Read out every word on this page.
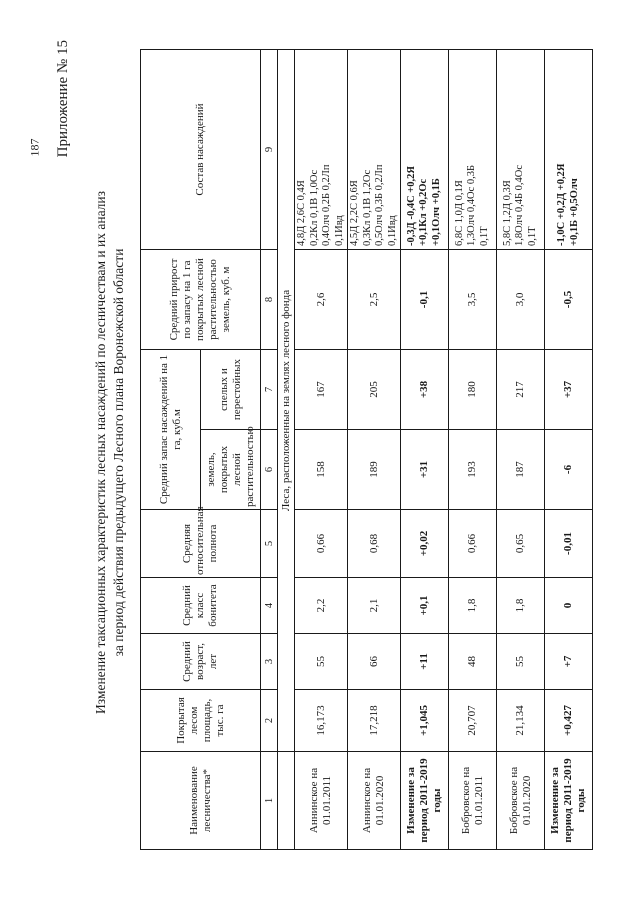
187 Приложение № 15
Изменение таксационных характеристик лесных насаждений по лесничествам и их анализ за период действия предыдущего Лесного плана Воронежской области
Наименование лесничества*	Покрытая лесом площадь, тыс. га	Средний возраст, лет	Средний класс бонитета	Средняя относительная полнота	Средний запас насаждений на 1 га, куб.м		Средний прирост по запасу на 1 га покрытых лесной растительностью земель, куб. м	Состав насаждений
					земель, покрытых лесной растительностью	спелых и перестойных		
1	2	3	4	5	6	7	8	9
	Леса, расположенные на землях лесного фонда							
Аннинское на 01.01.2011	16,173	55	2,2	0,66	158	167	2,6	4,8Д 2,6С 0,4Я 0,2Кл 0,1В 1,0Ос 0,4Олч 0,2Б 0,2Лп 0,1Ивд

Аннинское на 01.01.2020	17,218	66	2,1	0,68	189	205	2,5	4,5Д 2,2С 0,6Я 0,3Кл 0,1В 1,2Ос 0,5Олч 0,3Б 0,2Лп 0,1Ивд

Изменение за период 2011-2019 годы	+1,045	+11	+0,1	+0,02	+31	+38	-0,1	-0,3Д -0,4С +0,2Я +0,1Кл +0,2Ос +0,1Олч +0,1Б

Бобровское на 01.01.2011	20,707	48	1,8	0,66	193	180	3,5	6,8С 1,0Д 0,1Я 1,3Олч 0,4Ос 0,3Б 0,1Т

Бобровское на 01.01.2020	21,134	55	1,8	0,65	187	217	3,0	5,8С 1,2Д 0,3Я 1,8Олч 0,4Б 0,4Ос 0,1Т

Изменение за период 2011-2019 годы	+0,427	+7	0	-0,01	-6	+37	-0,5	-1,0С +0,2Д +0,2Я +0,1Б +0,5Олч
